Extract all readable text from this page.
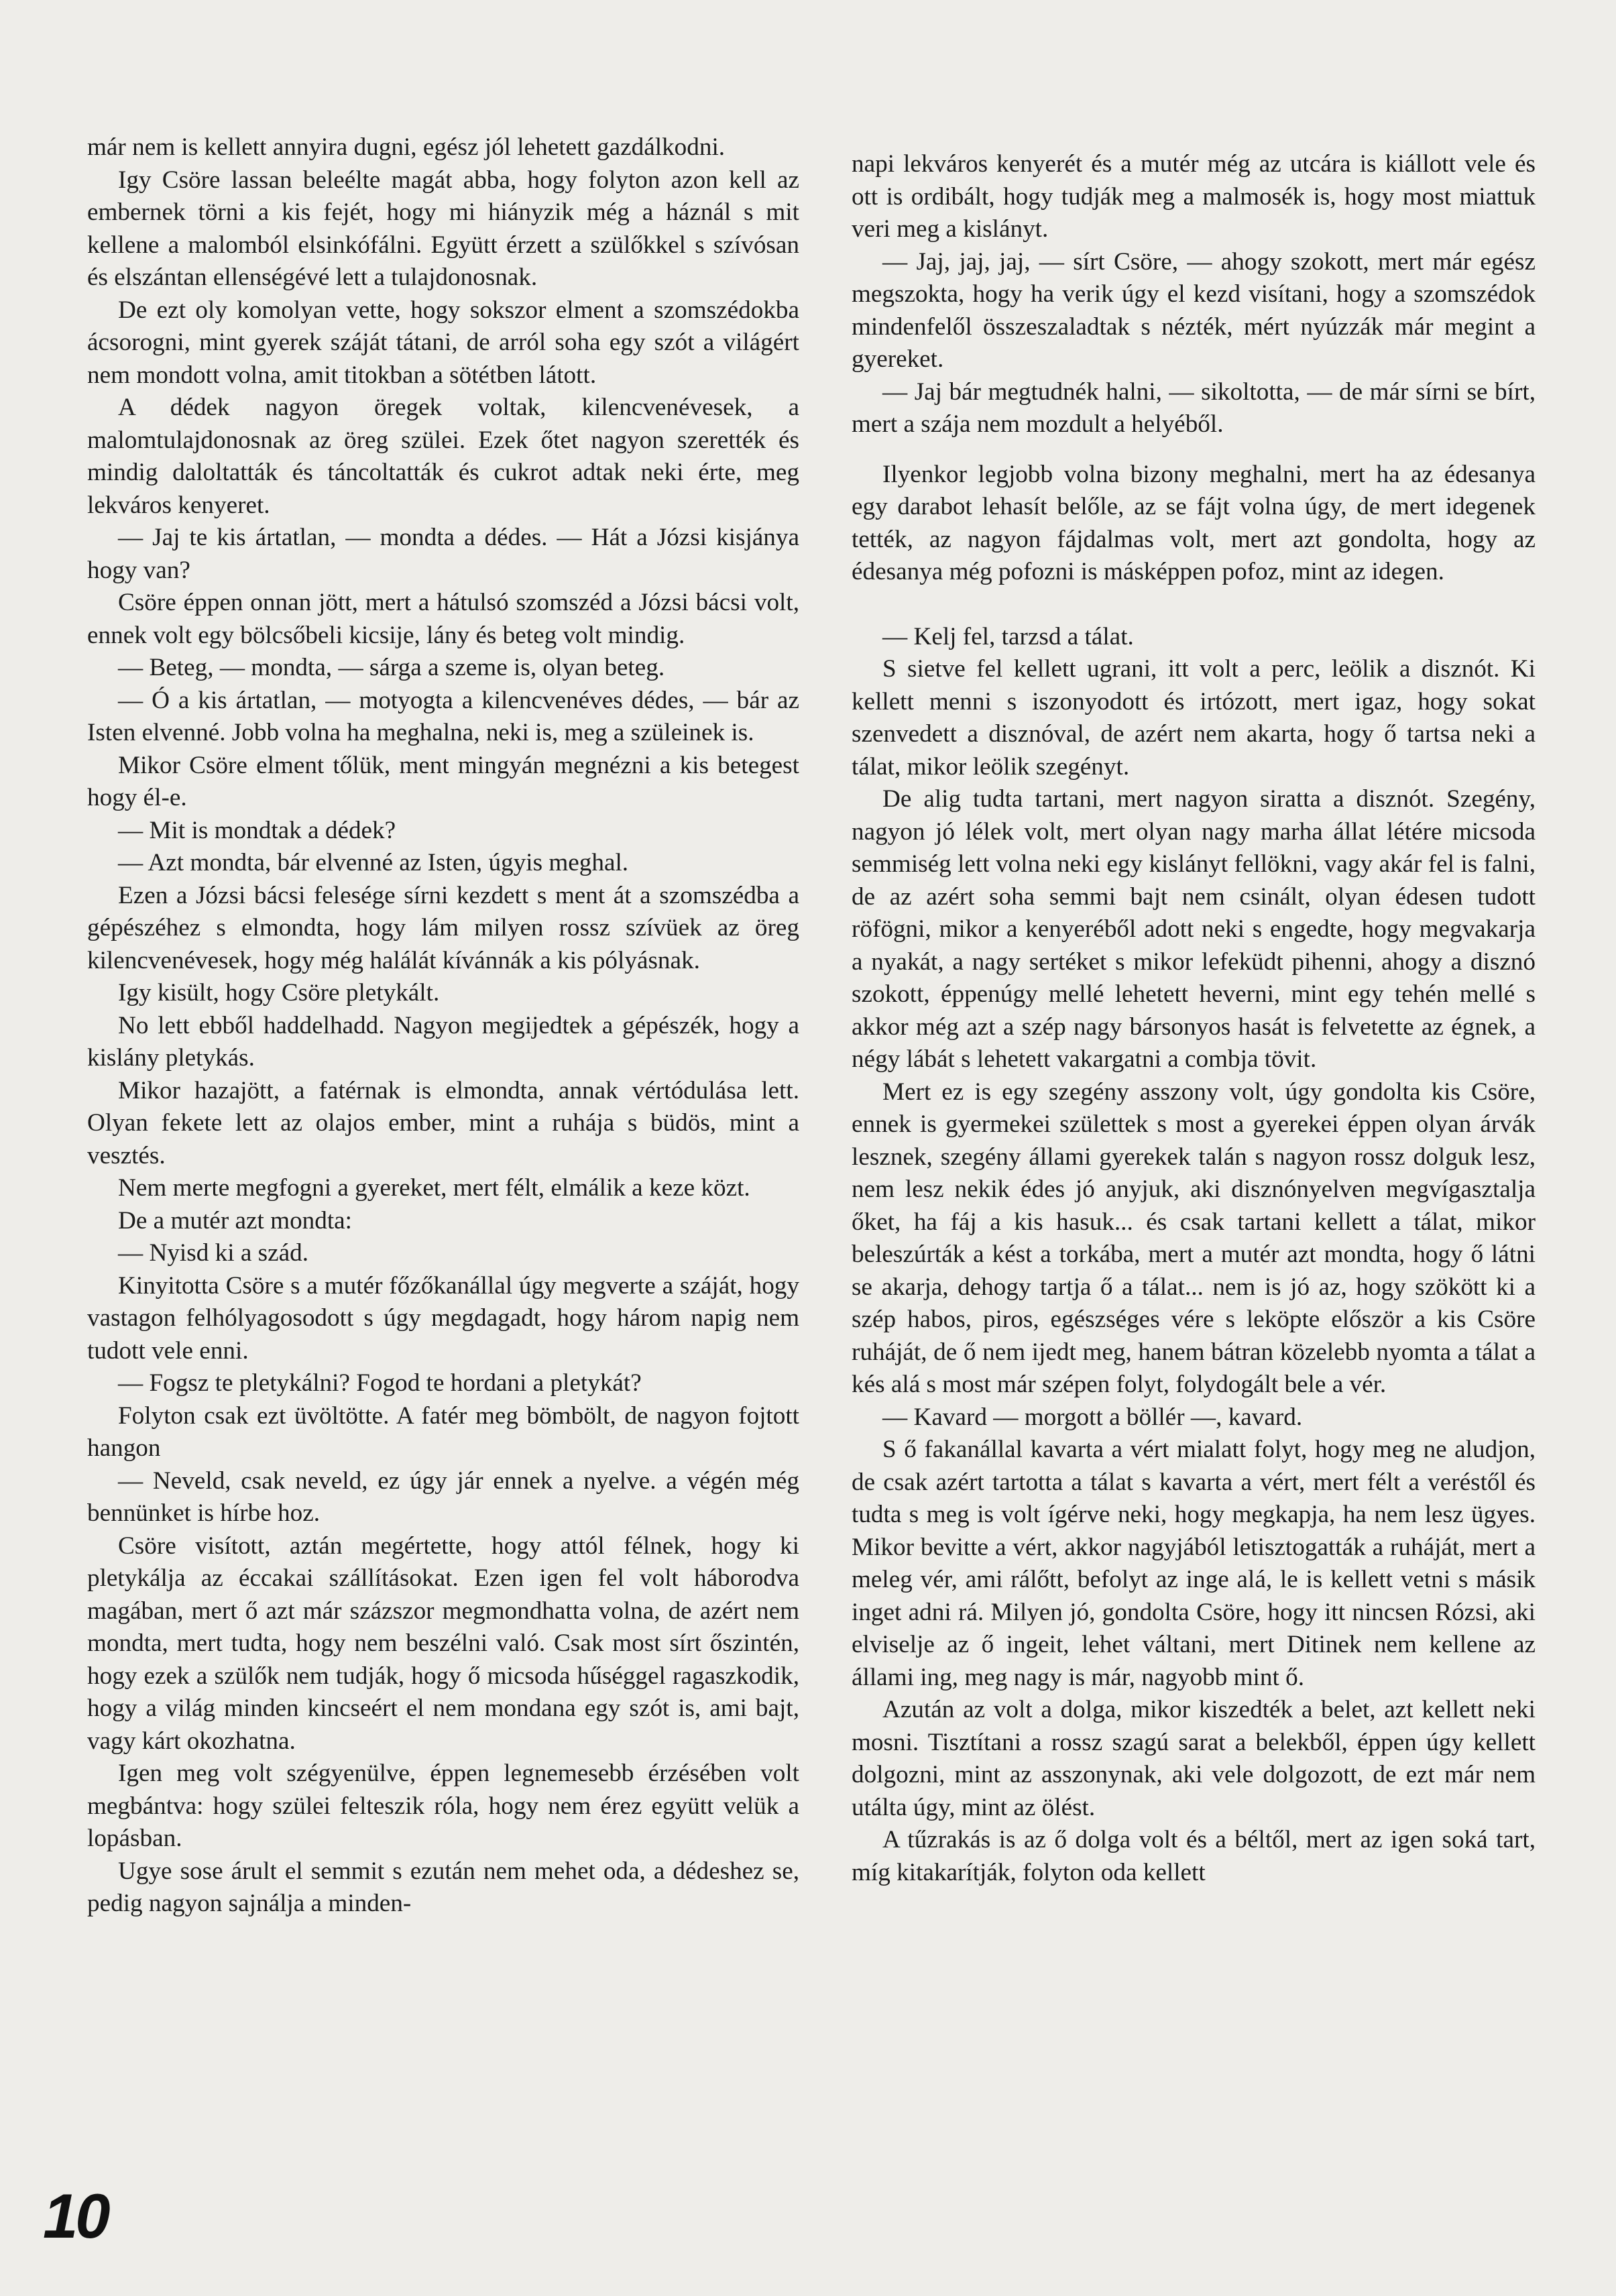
már nem is kellett annyira dugni, egész jól lehetett gazdálkodni.

Igy Csöre lassan beleélte magát abba, hogy folyton azon kell az embernek törni a kis fejét, hogy mi hiányzik még a háznál s mit kellene a malomból elsinkófálni. Együtt érzett a szülőkkel s szívósan és elszántan ellenségévé lett a tulajdonosnak.

De ezt oly komolyan vette, hogy sokszor elment a szomszédokba ácsorogni, mint gyerek száját tátani, de arról soha egy szót a világért nem mondott volna, amit titokban a sötétben látott.

A dédek nagyon öregek voltak, kilencvenévesek, a malomtulajdonosnak az öreg szülei. Ezek őtet nagyon szerették és mindig daloltatták és táncoltatták és cukrot adtak neki érte, meg lekváros kenyeret.

— Jaj te kis ártatlan, — mondta a dédes. — Hát a Józsi kisjánya hogy van?

Csöre éppen onnan jött, mert a hátulsó szomszéd a Józsi bácsi volt, ennek volt egy bölcsőbeli kicsije, lány és beteg volt mindig.

— Beteg, — mondta, — sárga a szeme is, olyan beteg.

— Ó a kis ártatlan, — motyogta a kilencvenéves dédes, — bár az Isten elvenné. Jobb volna ha meghalna, neki is, meg a szüleinek is.

Mikor Csöre elment tőlük, ment mingyán megnézni a kis betegest hogy él-e.

— Mit is mondtak a dédek?

— Azt mondta, bár elvenné az Isten, úgyis meghal.

Ezen a Józsi bácsi felesége sírni kezdett s ment át a szomszédba a gépészéhez s elmondta, hogy lám milyen rossz szívüek az öreg kilencvenévesek, hogy még halálát kívánnák a kis pólyásnak.

Igy kisült, hogy Csöre pletykált.

No lett ebből haddelhadd. Nagyon megijedtek a gépészék, hogy a kislány pletykás.

Mikor hazajött, a fatérnak is elmondta, annak vértódulása lett. Olyan fekete lett az olajos ember, mint a ruhája s büdös, mint a vesztés.

Nem merte megfogni a gyereket, mert félt, elmálik a keze közt.

De a mutér azt mondta:

— Nyisd ki a szád.

Kinyitotta Csöre s a mutér főzőkanállal úgy megverte a száját, hogy vastagon felhólyagosodott s úgy megdagadt, hogy három napig nem tudott vele enni.

— Fogsz te pletykálni? Fogod te hordani a pletykát?

Folyton csak ezt üvöltötte. A fatér meg bömbölt, de nagyon fojtott hangon

— Neveld, csak neveld, ez úgy jár ennek a nyelve. a végén még bennünket is hírbe hoz.

Csöre visított, aztán megértette, hogy attól félnek, hogy ki pletykálja az éccakai szállításokat. Ezen igen fel volt háborodva magában, mert ő azt már százszor megmondhatta volna, de azért nem mondta, mert tudta, hogy nem beszélni való. Csak most sírt őszintén, hogy ezek a szülők nem tudják, hogy ő micsoda hűséggel ragaszkodik, hogy a világ minden kincseért el nem mondana egy szót is, ami bajt, vagy kárt okozhatna.

Igen meg volt szégyenülve, éppen legnemesebb érzésében volt megbántva: hogy szülei felteszik róla, hogy nem érez együtt velük a lopásban.

Ugye sose árult el semmit s ezután nem mehet oda, a dédeshez se, pedig nagyon sajnálja a minden-

napi lekváros kenyerét és a mutér még az utcára is kiállott vele és ott is ordibált, hogy tudják meg a malmosék is, hogy most miattuk veri meg a kislányt.

— Jaj, jaj, jaj, — sírt Csöre, — ahogy szokott, mert már egész megszokta, hogy ha verik úgy el kezd visítani, hogy a szomszédok mindenfelől összeszaladtak s nézték, mért nyúzzák már megint a gyereket.

— Jaj bár megtudnék halni, — sikoltotta, — de már sírni se bírt, mert a szája nem mozdult a helyéből.

Ilyenkor legjobb volna bizony meghalni, mert ha az édesanya egy darabot lehasít belőle, az se fájt volna úgy, de mert idegenek tették, az nagyon fájdalmas volt, mert azt gondolta, hogy az édesanya még pofozni is másképpen pofoz, mint az idegen.

— Kelj fel, tarzsd a tálat.

S sietve fel kellett ugrani, itt volt a perc, leölik a disznót. Ki kellett menni s iszonyodott és irtózott, mert igaz, hogy sokat szenvedett a disznóval, de azért nem akarta, hogy ő tartsa neki a tálat, mikor leölik szegényt.

De alig tudta tartani, mert nagyon siratta a disznót. Szegény, nagyon jó lélek volt, mert olyan nagy marha állat létére micsoda semmiség lett volna neki egy kislányt fellökni, vagy akár fel is falni, de az azért soha semmi bajt nem csinált, olyan édesen tudott röfögni, mikor a kenyeréből adott neki s engedte, hogy megvakarja a nyakát, a nagy sertéket s mikor lefeküdt pihenni, ahogy a disznó szokott, éppenúgy mellé lehetett heverni, mint egy tehén mellé s akkor még azt a szép nagy bársonyos hasát is felvetette az égnek, a négy lábát s lehetett vakargatni a combja tövit.

Mert ez is egy szegény asszony volt, úgy gondolta kis Csöre, ennek is gyermekei születtek s most a gyerekei éppen olyan árvák lesznek, szegény állami gyerekek talán s nagyon rossz dolguk lesz, nem lesz nekik édes jó anyjuk, aki disznónyelven megvígasztalja őket, ha fáj a kis hasuk... és csak tartani kellett a tálat, mikor beleszúrták a kést a torkába, mert a mutér azt mondta, hogy ő látni se akarja, dehogy tartja ő a tálat... nem is jó az, hogy szökött ki a szép habos, piros, egészséges vére s leköpte először a kis Csöre ruháját, de ő nem ijedt meg, hanem bátran közelebb nyomta a tálat a kés alá s most már szépen folyt, folydogált bele a vér.

— Kavard — morgott a böllér —, kavard.

S ő fakanállal kavarta a vért mialatt folyt, hogy meg ne aludjon, de csak azért tartotta a tálat s kavarta a vért, mert félt a veréstől és tudta s meg is volt ígérve neki, hogy megkapja, ha nem lesz ügyes. Mikor bevitte a vért, akkor nagyjából letisztogatták a ruháját, mert a meleg vér, ami rálőtt, befolyt az inge alá, le is kellett vetni s másik inget adni rá. Milyen jó, gondolta Csöre, hogy itt nincsen Rózsi, aki elviselje az ő ingeit, lehet váltani, mert Ditinek nem kellene az állami ing, meg nagy is már, nagyobb mint ő.

Azután az volt a dolga, mikor kiszedték a belet, azt kellett neki mosni. Tisztítani a rossz szagú sarat a belekből, éppen úgy kellett dolgozni, mint az asszonynak, aki vele dolgozott, de ezt már nem utálta úgy, mint az ölést.

A tűzrakás is az ő dolga volt és a béltől, mert az igen soká tart, míg kitakarítják, folyton oda kellett

10
